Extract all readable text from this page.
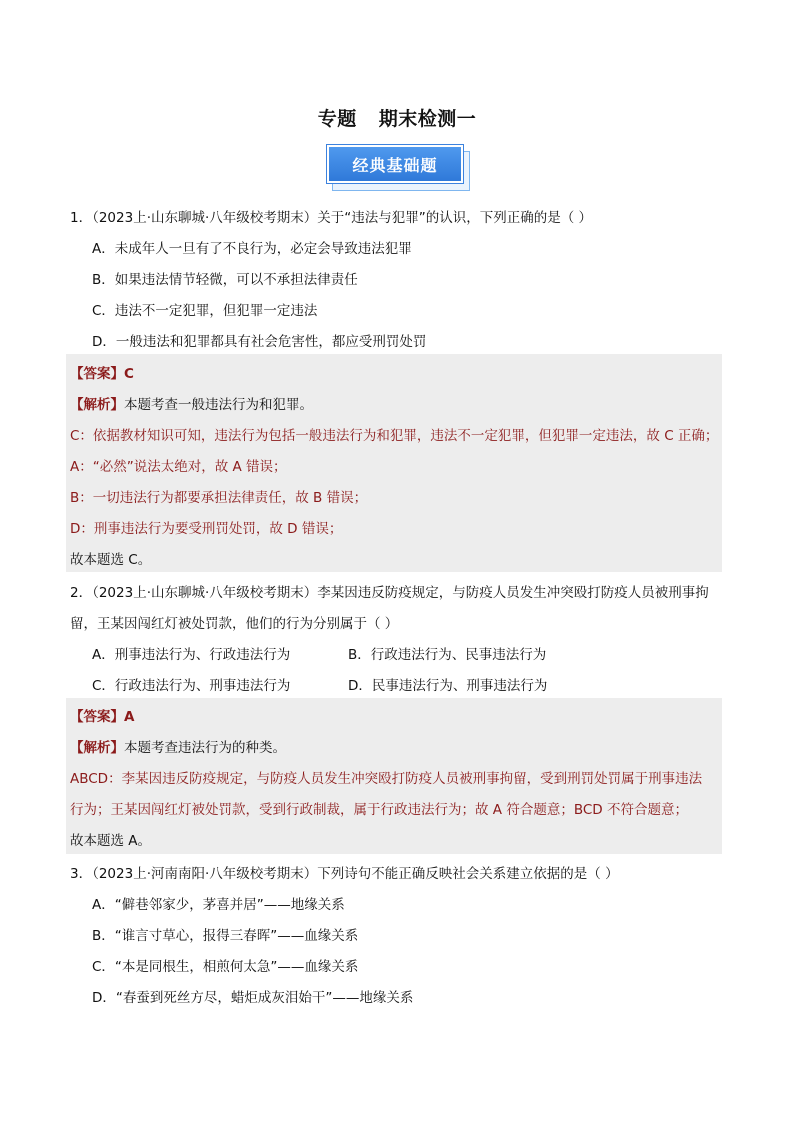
专题 期末检测一
经典基础题
1．（2023上·山东聊城·八年级校考期末）关于“违法与犯罪”的认识，下列正确的是（ ）
A．未成年人一旦有了不良行为，必定会导致违法犯罪
B．如果违法情节轻微，可以不承担法律责任
C．违法不一定犯罪，但犯罪一定违法
D．一般违法和犯罪都具有社会危害性，都应受刑罚处罚
【答案】C
【解析】本题考查一般违法行为和犯罪。
C：依据教材知识可知，违法行为包括一般违法行为和犯罪，违法不一定犯罪，但犯罪一定违法，故 C 正确；
A：“必然”说法太绝对，故 A 错误；
B：一切违法行为都要承担法律责任，故 B 错误；
D：刑事违法行为要受刑罚处罚，故 D 错误；
故本题选 C。
2．（2023上·山东聊城·八年级校考期末）李某因违反防疫规定，与防疫人员发生冲突殴打防疫人员被刑事拘
留，王某因闯红灯被处罚款，他们的行为分别属于（ ）
A．刑事违法行为、行政违法行为	B．行政违法行为、民事违法行为
C．行政违法行为、刑事违法行为	D．民事违法行为、刑事违法行为
【答案】A
【解析】本题考查违法行为的种类。
ABCD：李某因违反防疫规定，与防疫人员发生冲突殴打防疫人员被刑事拘留，受到刑罚处罚属于刑事违法
行为；王某因闯红灯被处罚款，受到行政制裁，属于行政违法行为；故 A 符合题意；BCD 不符合题意；
故本题选 A。
3．（2023上·河南南阳·八年级校考期末）下列诗句不能正确反映社会关系建立依据的是（ ）
A．“僻巷邻家少，茅喜并居”——地缘关系
B．“谁言寸草心，报得三春晖”——血缘关系
C．“本是同根生，相煎何太急”——血缘关系
D．“春蚕到死丝方尽，蜡炬成灰泪始干”——地缘关系
